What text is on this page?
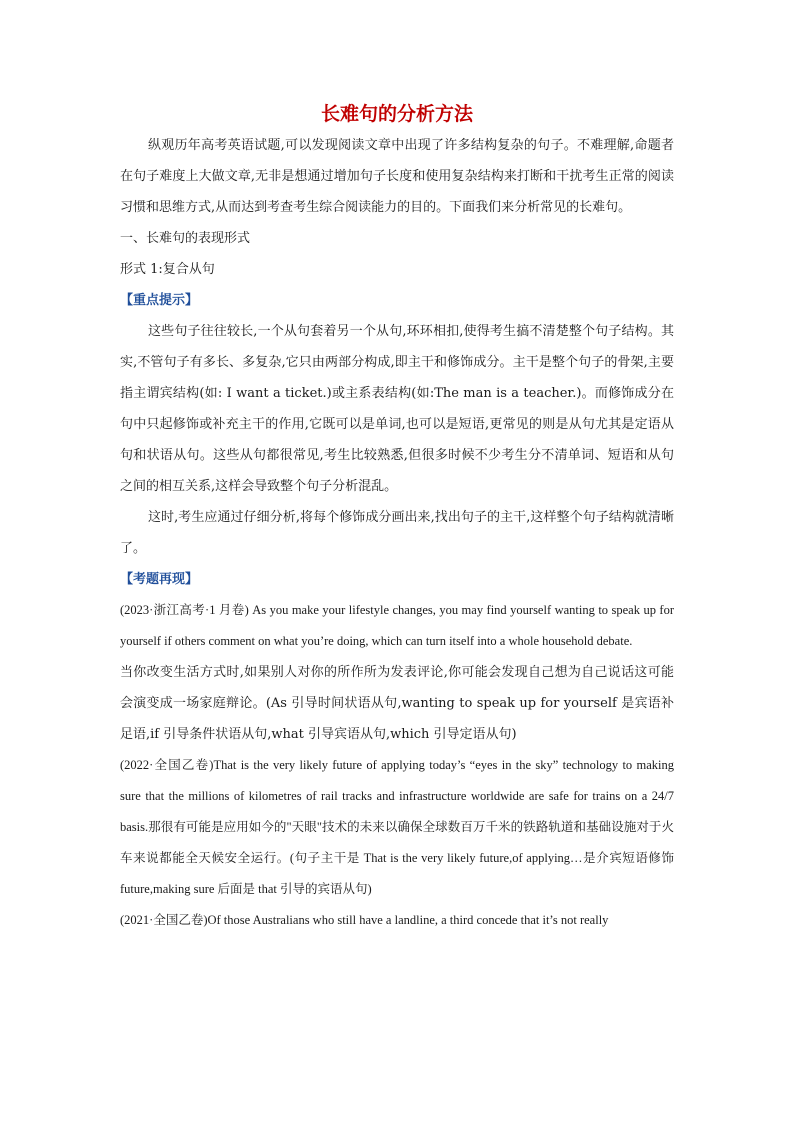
长难句的分析方法

纵观历年高考英语试题,可以发现阅读文章中出现了许多结构复杂的句子。不难理解,命题者在句子难度上大做文章,无非是想通过增加句子长度和使用复杂结构来打断和干扰考生正常的阅读习惯和思维方式,从而达到考查考生综合阅读能力的目的。下面我们来分析常见的长难句。

一、长难句的表现形式

形式 1:复合从句

【重点提示】

这些句子往往较长,一个从句套着另一个从句,环环相扣,使得考生搞不清楚整个句子结构。其实,不管句子有多长、多复杂,它只由两部分构成,即主干和修饰成分。主干是整个句子的骨架,主要指主谓宾结构(如: I want a ticket.)或主系表结构(如:The man is a teacher.)。而修饰成分在句中只起修饰或补充主干的作用,它既可以是单词,也可以是短语,更常见的则是从句尤其是定语从句和状语从句。这些从句都很常见,考生比较熟悉,但很多时候不少考生分不清单词、短语和从句之间的相互关系,这样会导致整个句子分析混乱。

这时,考生应通过仔细分析,将每个修饰成分画出来,找出句子的主干,这样整个句子结构就清晰了。

【考题再现】

(2023·浙江高考·1 月卷) As you make your lifestyle changes, you may find yourself wanting to speak up for yourself if others comment on what you’re doing, which can turn itself into a whole household debate.

当你改变生活方式时,如果别人对你的所作所为发表评论,你可能会发现自己想为自己说话这可能会演变成一场家庭辩论。(As 引导时间状语从句,wanting to speak up for yourself 是宾语补足语,if 引导条件状语从句,what 引导宾语从句,which 引导定语从句)

(2022·全国乙卷)That is the very likely future of applying today’s “eyes in the sky” technology to making sure that the millions of kilometres of rail tracks and infrastructure worldwide are safe for trains on a 24/7 basis.那很有可能是应用如今的"天眼"技术的未来以确保全球数百万千米的铁路轨道和基础设施对于火车来说都能全天候安全运行。(句子主干是 That is the very likely future,of applying…是介宾短语修饰 future,making sure 后面是 that 引导的宾语从句)

(2021·全国乙卷)Of those Australians who still have a landline, a third concede that it’s not really
